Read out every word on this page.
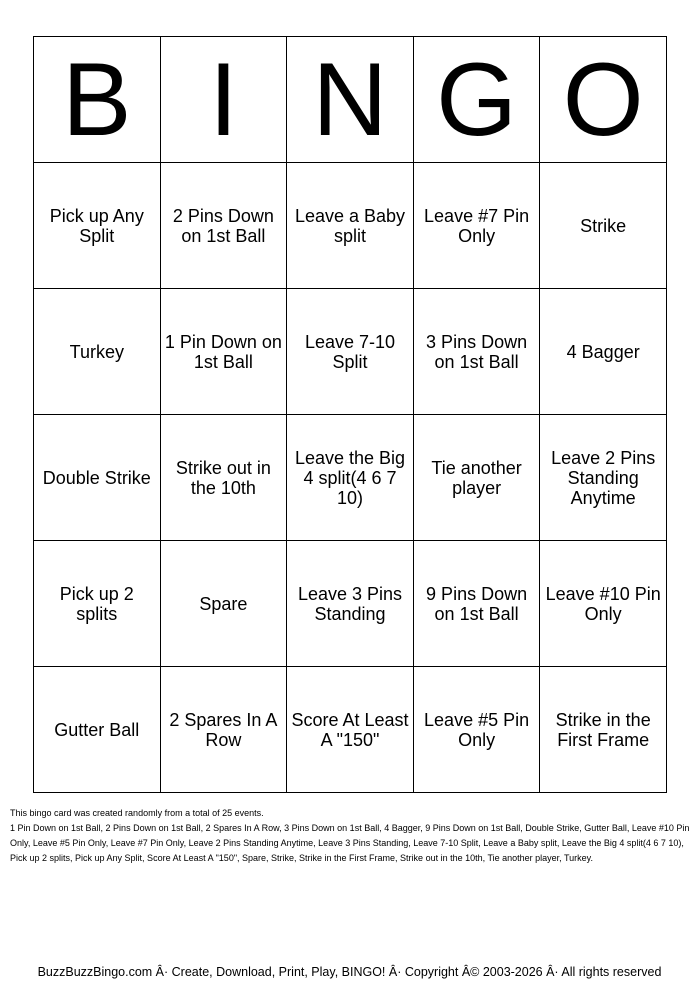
B	I	N	G	O
Pick up Any Split	2 Pins Down on 1st Ball	Leave a Baby split	Leave #7 Pin Only	Strike
Turkey	1 Pin Down on 1st Ball	Leave 7-10 Split	3 Pins Down on 1st Ball	4 Bagger
Double Strike	Strike out in the 10th	Leave the Big 4 split(4 6 7 10)	Tie another player	Leave 2 Pins Standing Anytime
Pick up 2 splits	Spare	Leave 3 Pins Standing	9 Pins Down on 1st Ball	Leave #10 Pin Only
Gutter Ball	2 Spares In A Row	Score At Least A "150"	Leave #5 Pin Only	Strike in the First Frame

This bingo card was created randomly from a total of 25 events.

1 Pin Down on 1st Ball, 2 Pins Down on 1st Ball, 2 Spares In A Row, 3 Pins Down on 1st Ball, 4 Bagger, 9 Pins Down on 1st Ball, Double Strike, Gutter Ball, Leave #10 Pin Only, Leave #5 Pin Only, Leave #7 Pin Only, Leave 2 Pins Standing Anytime, Leave 3 Pins Standing, Leave 7-10 Split, Leave a Baby split, Leave the Big 4 split(4 6 7 10), Pick up 2 splits, Pick up Any Split, Score At Least A "150", Spare, Strike, Strike in the First Frame, Strike out in the 10th, Tie another player, Turkey.

BuzzBuzzBingo.com Â· Create, Download, Print, Play, BINGO! Â· Copyright Â© 2003-2026 Â· All rights reserved
